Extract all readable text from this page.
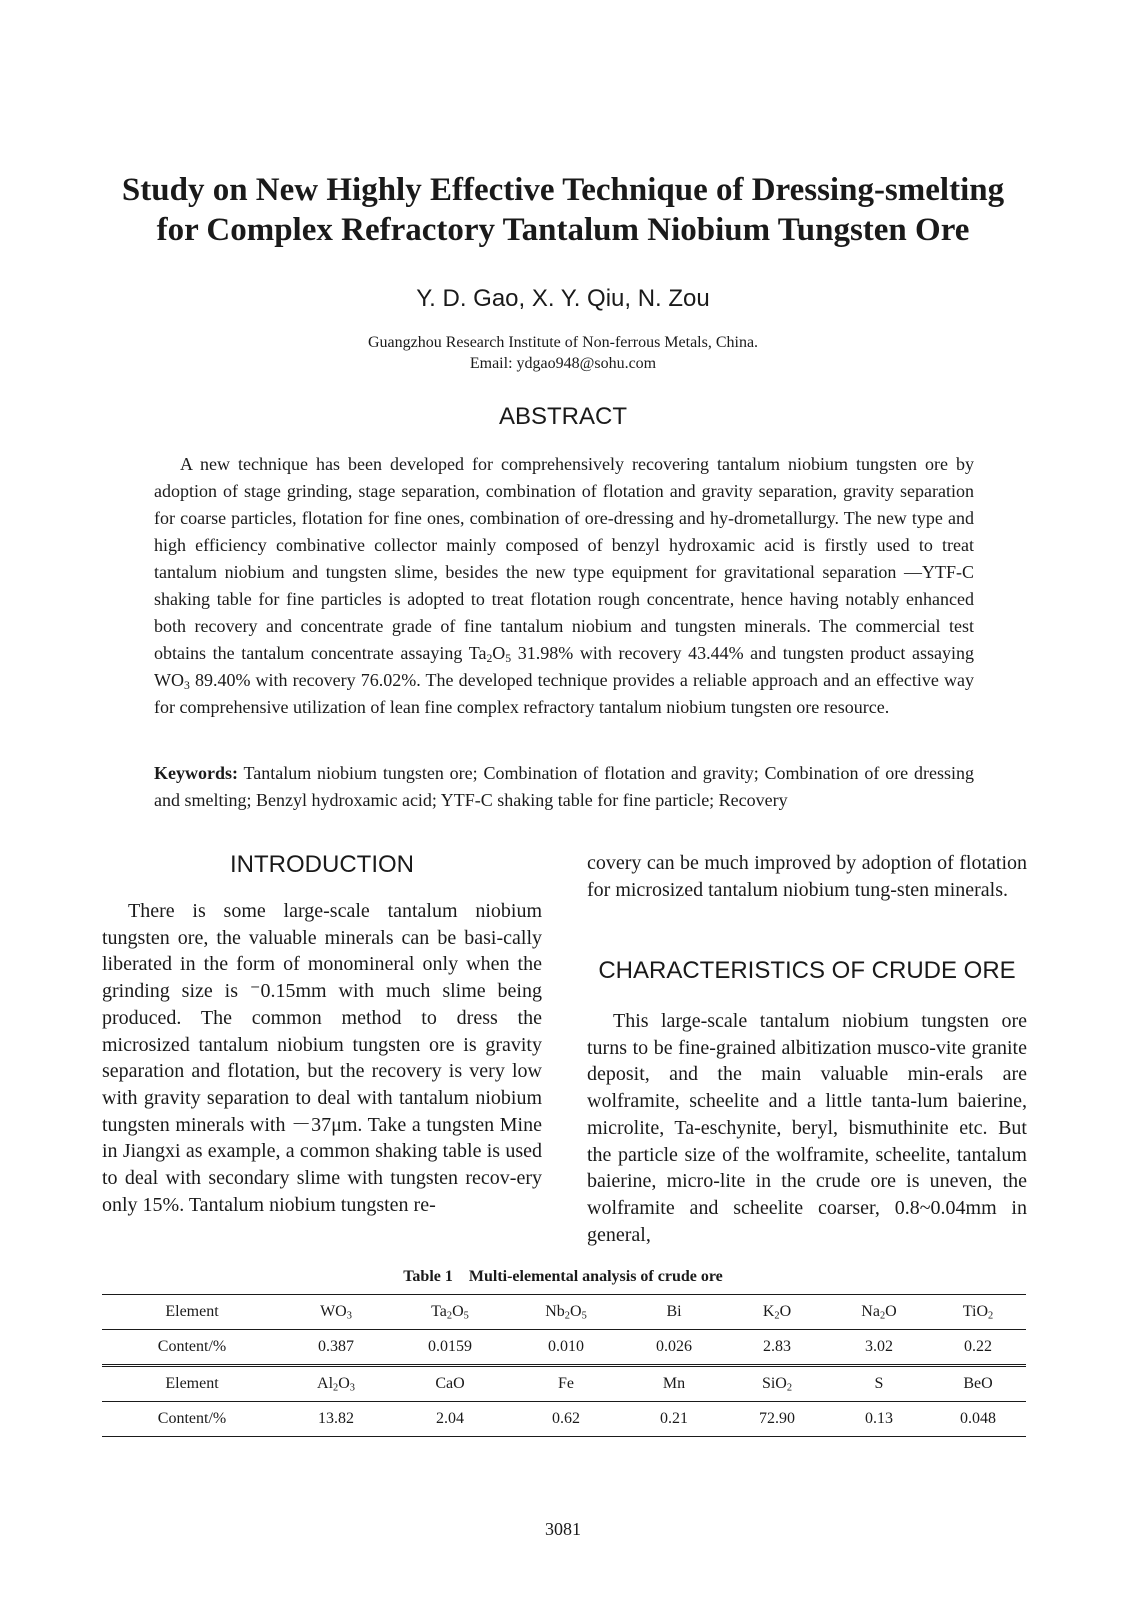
Study on New Highly Effective Technique of Dressing-smelting
for Complex Refractory Tantalum Niobium Tungsten Ore
Y. D. Gao, X. Y. Qiu, N. Zou
Guangzhou Research Institute of Non-ferrous Metals, China.
Email: ydgao948@sohu.com
ABSTRACT

A new technique has been developed for comprehensively recovering tantalum niobium tungsten ore by adoption of stage grinding, stage separation, combination of flotation and gravity separation, gravity separation for coarse particles, flotation for fine ones, combination of ore-dressing and hy-drometallurgy. The new type and high efficiency combinative collector mainly composed of benzyl hydroxamic acid is firstly used to treat tantalum niobium and tungsten slime, besides the new type equipment for gravitational separation —YTF-C shaking table for fine particles is adopted to treat flotation rough concentrate, hence having notably enhanced both recovery and concentrate grade of fine tantalum niobium and tungsten minerals. The commercial test obtains the tantalum concentrate assaying $Ta_2O_5$ 31.98% with recovery 43.44% and tungsten product assaying $WO_3$ 89.40% with recovery 76.02%. The developed technique provides a reliable approach and an effective way for comprehensive utilization of lean fine complex refractory tantalum niobium tungsten ore resource.

Keywords: Tantalum niobium tungsten ore; Combination of flotation and gravity; Combination of ore dressing and smelting; Benzyl hydroxamic acid; YTF-C shaking table for fine particle; Recovery
INTRODUCTION

There is some large-scale tantalum niobium tungsten ore, the valuable minerals can be basi-cally liberated in the form of monomineral only when the grinding size is ⁻0.15mm with much slime being produced. The common method to dress the microsized tantalum niobium tungsten ore is gravity separation and flotation, but the recovery is very low with gravity separation to deal with tantalum niobium tungsten minerals with －37μm. Take a tungsten Mine in Jiangxi as example, a common shaking table is used to deal with secondary slime with tungsten recov-ery only 15%. Tantalum niobium tungsten re-

covery can be much improved by adoption of flotation for microsized tantalum niobium tung-sten minerals.

CHARACTERISTICS OF CRUDE ORE

This large-scale tantalum niobium tungsten ore turns to be fine-grained albitization musco-vite granite deposit, and the main valuable min-erals are wolframite, scheelite and a little tanta-lum baierine, microlite, Ta-eschynite, beryl, bismuthinite etc. But the particle size of the wolframite, scheelite, tantalum baierine, micro-lite in the crude ore is uneven, the wolframite and scheelite coarser, 0.8~0.04mm in general,

Table 1 Multi-elemental analysis of crude ore
Element	$WO_3$	$Ta_2O_5$	$Nb_2O_5$	Bi	$K_2O$	$Na_2O$	TiO$_2$
Content/%	0.387	0.0159	0.010	0.026	2.83	3.02	0.22
Element	$Al_2O_3$	CaO	Fe	Mn	SiO$_2$	S	BeO
Content/%	13.82	2.04	0.62	0.21	72.90	0.13	0.048
3081
